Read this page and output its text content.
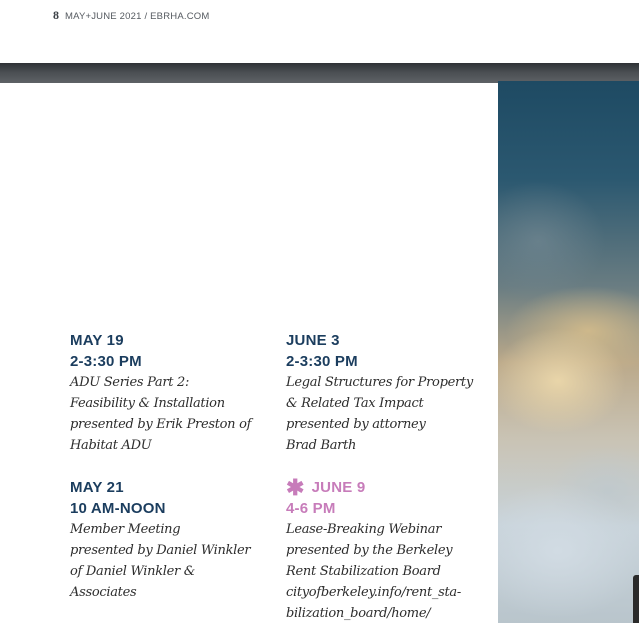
8 MAY+JUNE 2021 / EBRHA.COM
MAY 19
2-3:30 PM
ADU Series Part 2:
Feasibility & Installation
presented by Erik Preston of
Habitat ADU
MAY 21
10 AM-NOON
Member Meeting
presented by Daniel Winkler
of Daniel Winkler &
Associates
JUNE 3
2-3:30 PM
Legal Structures for Property
& Related Tax Impact
presented by attorney
Brad Barth
✱ JUNE 9
4-6 PM
Lease-Breaking Webinar
presented by the Berkeley
Rent Stabilization Board
cityofberkeley.info/rent_sta-
bilization_board/home/
